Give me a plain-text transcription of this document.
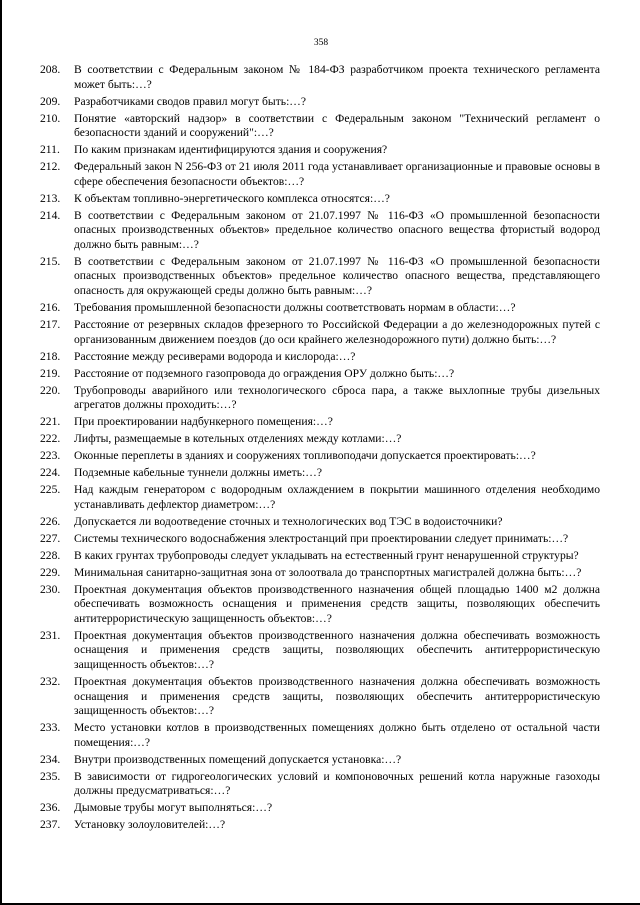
358
208.	В соответствии с Федеральным законом № 184-ФЗ разработчиком проекта технического регламента может быть:…?
209.	Разработчиками сводов правил могут быть:…?
210.	Понятие «авторский надзор» в соответствии с Федеральным законом "Технический регламент о безопасности зданий и сооружений":…?
211.	По каким признакам идентифицируются здания и сооружения?
212.	Федеральный закон N 256-ФЗ от 21 июля 2011 года устанавливает организационные и правовые основы в сфере обеспечения безопасности объектов:…?
213.	К объектам топливно-энергетического комплекса относятся:…?
214.	В соответствии с Федеральным законом от 21.07.1997 № 116-ФЗ «О промышленной безопасности опасных производственных объектов» предельное количество опасного вещества фтористый водород должно быть равным:…?
215.	В соответствии с Федеральным законом от 21.07.1997 № 116-ФЗ «О промышленной безопасности опасных производственных объектов» предельное количество опасного вещества, представляющего опасность для окружающей среды должно быть равным:…?
216.	Требования промышленной безопасности должны соответствовать нормам в области:…?
217.	Расстояние от резервных складов фрезерного то Российской Федерации а до железнодорожных путей с организованным движением поездов (до оси крайнего железнодорожного пути) должно быть:…?
218.	Расстояние между ресиверами водорода и кислорода:…?
219.	Расстояние от подземного газопровода до ограждения ОРУ должно быть:…?
220.	Трубопроводы аварийного или технологического сброса пара, а также выхлопные трубы дизельных агрегатов должны проходить:…?
221.	При проектировании надбункерного помещения:…?
222.	Лифты, размещаемые в котельных отделениях между котлами:…?
223.	Оконные переплеты в зданиях и сооружениях топливоподачи допускается проектировать:…?
224.	Подземные кабельные туннели должны иметь:…?
225.	Над каждым генератором с водородным охлаждением в покрытии машинного отделения необходимо устанавливать дефлектор диаметром:…?
226.	Допускается ли водоотведение сточных и технологических вод ТЭС в водоисточники?
227.	Системы технического водоснабжения электростанций при проектировании следует принимать:…?
228.	В каких грунтах трубопроводы следует укладывать на естественный грунт ненарушенной структуры?
229.	Минимальная санитарно-защитная зона от золоотвала до транспортных магистралей должна быть:…?
230.	Проектная документация объектов производственного назначения общей площадью 1400 м2 должна обеспечивать возможность оснащения и применения средств защиты, позволяющих обеспечить антитеррористическую защищенность объектов:…?
231.	Проектная документация объектов производственного назначения должна обеспечивать возможность оснащения и применения средств защиты, позволяющих обеспечить антитеррористическую защищенность объектов:…?
232.	Проектная документация объектов производственного назначения должна обеспечивать возможность оснащения и применения средств защиты, позволяющих обеспечить антитеррористическую защищенность объектов:…?
233.	Место установки котлов в производственных помещениях должно быть отделено от остальной части помещения:…?
234.	Внутри производственных помещений допускается установка:…?
235.	В зависимости от гидрогеологических условий и компоновочных решений котла наружные газоходы должны предусматриваться:…?
236.	Дымовые трубы могут выполняться:…?
237.	Установку золоуловителей:…?
